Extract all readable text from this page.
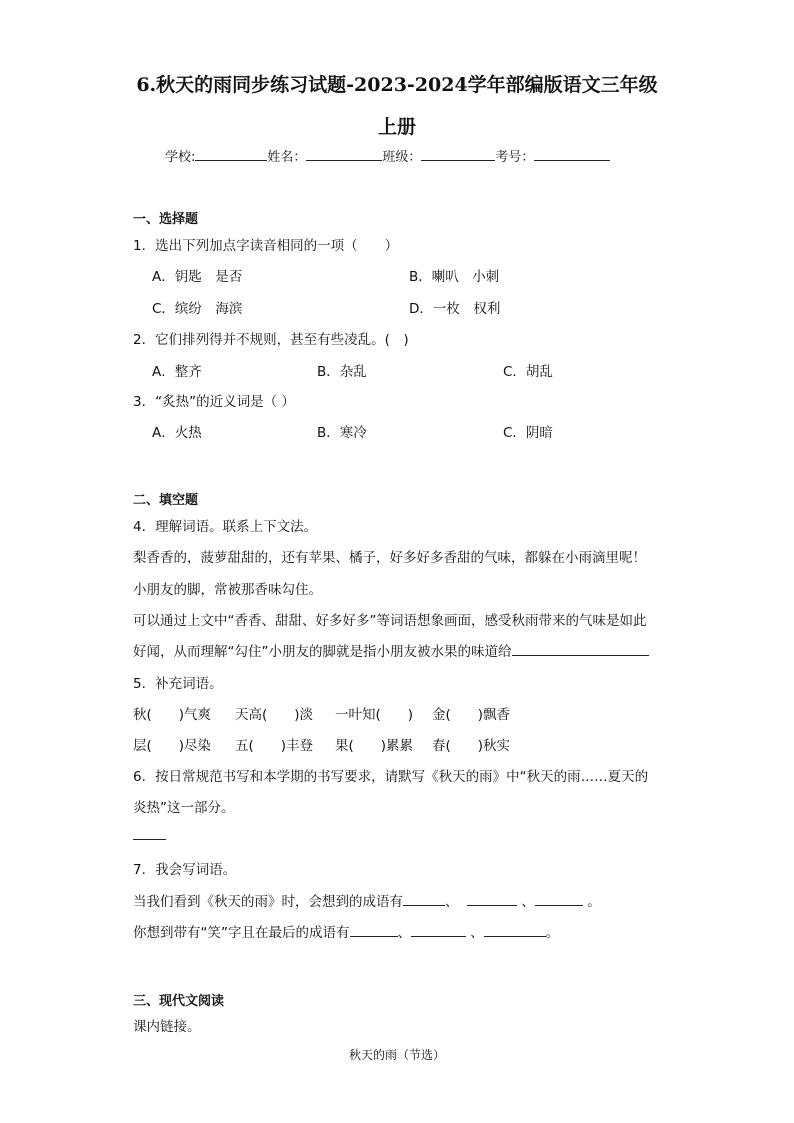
6.秋天的雨同步练习试题-2023-2024学年部编版语文三年级
上册
学校:	姓名：	班级：	考号：
一、选择题
1．选出下列加点字读音相同的一项（　　）
A．钥匙　是否	B．喇叭　小刺
C．缤纷　海滨	D．一枚　权利
2．它们排列得并不规则，甚至有些凌乱。(　)
A．整齐	B．杂乱	C．胡乱
3．“炙热”的近义词是（ ）
A．火热	B．寒冷	C．阴暗
二、填空题
4．理解词语。联系上下文法。
梨香香的，菠萝甜甜的，还有苹果、橘子，好多好多香甜的气味，都躲在小雨滴里呢！
小朋友的脚，常被那香味勾住。
可以通过上文中“香香、甜甜、好多好多”等词语想象画面，感受秋雨带来的气味是如此
好闻，从而理解“勾住”小朋友的脚就是指小朋友被水果的味道给
5．补充词语。
秋(　　)气爽 天高(　　)淡 一叶知(　　) 金(　　)飘香
层(　　)尽染 五(　　)丰登 果(　　)累累 春(　　)秋实
6．按日常规范书写和本学期的书写要求，请默写《秋天的雨》中“秋天的雨……夏天的
炎热”这一部分。
7．我会写词语。
当我们看到《秋天的雨》时，会想到的成语有	、	、	。
你想到带有“笑”字且在最后的成语有	、	、	。
三、现代文阅读
课内链接。
秋天的雨（节选）
